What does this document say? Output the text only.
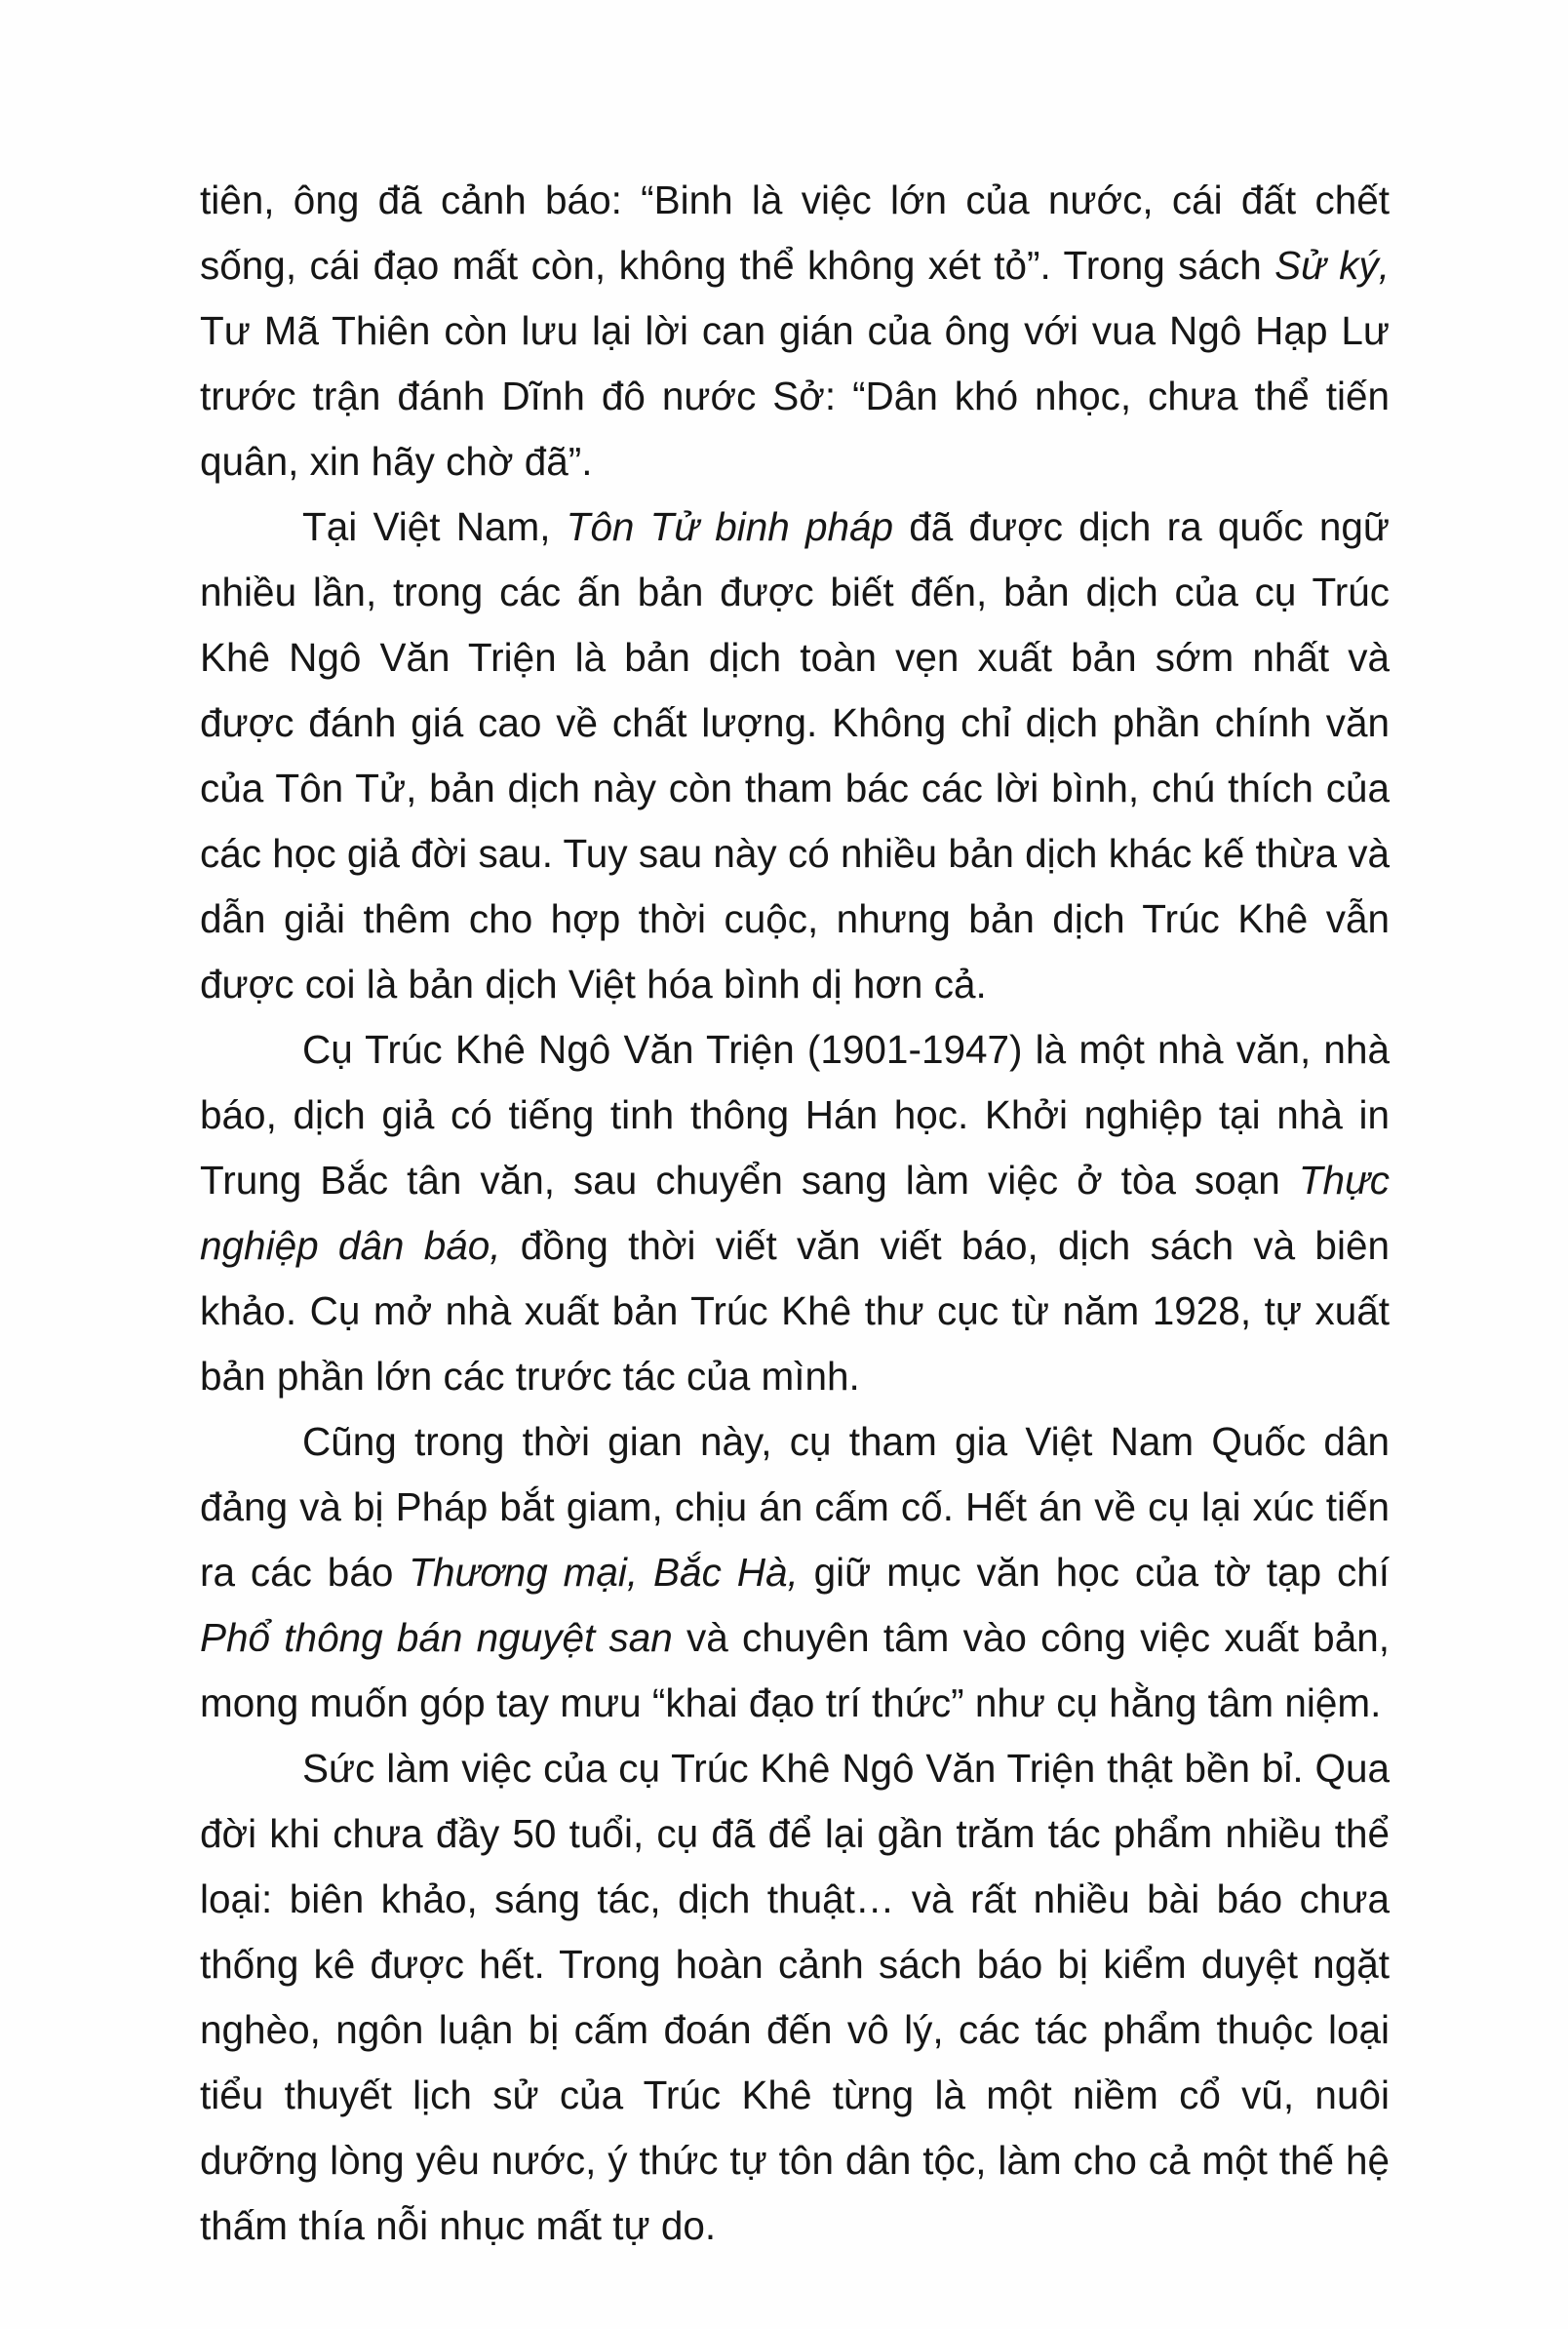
tiên, ông đã cảnh báo: “Binh là việc lớn của nước, cái đất chết sống, cái đạo mất còn, không thể không xét tỏ”. Trong sách Sử ký, Tư Mã Thiên còn lưu lại lời can gián của ông với vua Ngô Hạp Lư trước trận đánh Dĩnh đô nước Sở: “Dân khó nhọc, chưa thể tiến quân, xin hãy chờ đã”.

Tại Việt Nam, Tôn Tử binh pháp đã được dịch ra quốc ngữ nhiều lần, trong các ấn bản được biết đến, bản dịch của cụ Trúc Khê Ngô Văn Triện là bản dịch toàn vẹn xuất bản sớm nhất và được đánh giá cao về chất lượng. Không chỉ dịch phần chính văn của Tôn Tử, bản dịch này còn tham bác các lời bình, chú thích của các học giả đời sau. Tuy sau này có nhiều bản dịch khác kế thừa và dẫn giải thêm cho hợp thời cuộc, nhưng bản dịch Trúc Khê vẫn được coi là bản dịch Việt hóa bình dị hơn cả.

Cụ Trúc Khê Ngô Văn Triện (1901-1947) là một nhà văn, nhà báo, dịch giả có tiếng tinh thông Hán học. Khởi nghiệp tại nhà in Trung Bắc tân văn, sau chuyển sang làm việc ở tòa soạn Thực nghiệp dân báo, đồng thời viết văn viết báo, dịch sách và biên khảo. Cụ mở nhà xuất bản Trúc Khê thư cục từ năm 1928, tự xuất bản phần lớn các trước tác của mình.

Cũng trong thời gian này, cụ tham gia Việt Nam Quốc dân đảng và bị Pháp bắt giam, chịu án cấm cố. Hết án về cụ lại xúc tiến ra các báo Thương mại, Bắc Hà, giữ mục văn học của tờ tạp chí Phổ thông bán nguyệt san và chuyên tâm vào công việc xuất bản, mong muốn góp tay mưu “khai đạo trí thức” như cụ hằng tâm niệm.

Sức làm việc của cụ Trúc Khê Ngô Văn Triện thật bền bỉ. Qua đời khi chưa đầy 50 tuổi, cụ đã để lại gần trăm tác phẩm nhiều thể loại: biên khảo, sáng tác, dịch thuật… và rất nhiều bài báo chưa thống kê được hết. Trong hoàn cảnh sách báo bị kiểm duyệt ngặt nghèo, ngôn luận bị cấm đoán đến vô lý, các tác phẩm thuộc loại tiểu thuyết lịch sử của Trúc Khê từng là một niềm cổ vũ, nuôi dưỡng lòng yêu nước, ý thức tự tôn dân tộc, làm cho cả một thế hệ thấm thía nỗi nhục mất tự do.
